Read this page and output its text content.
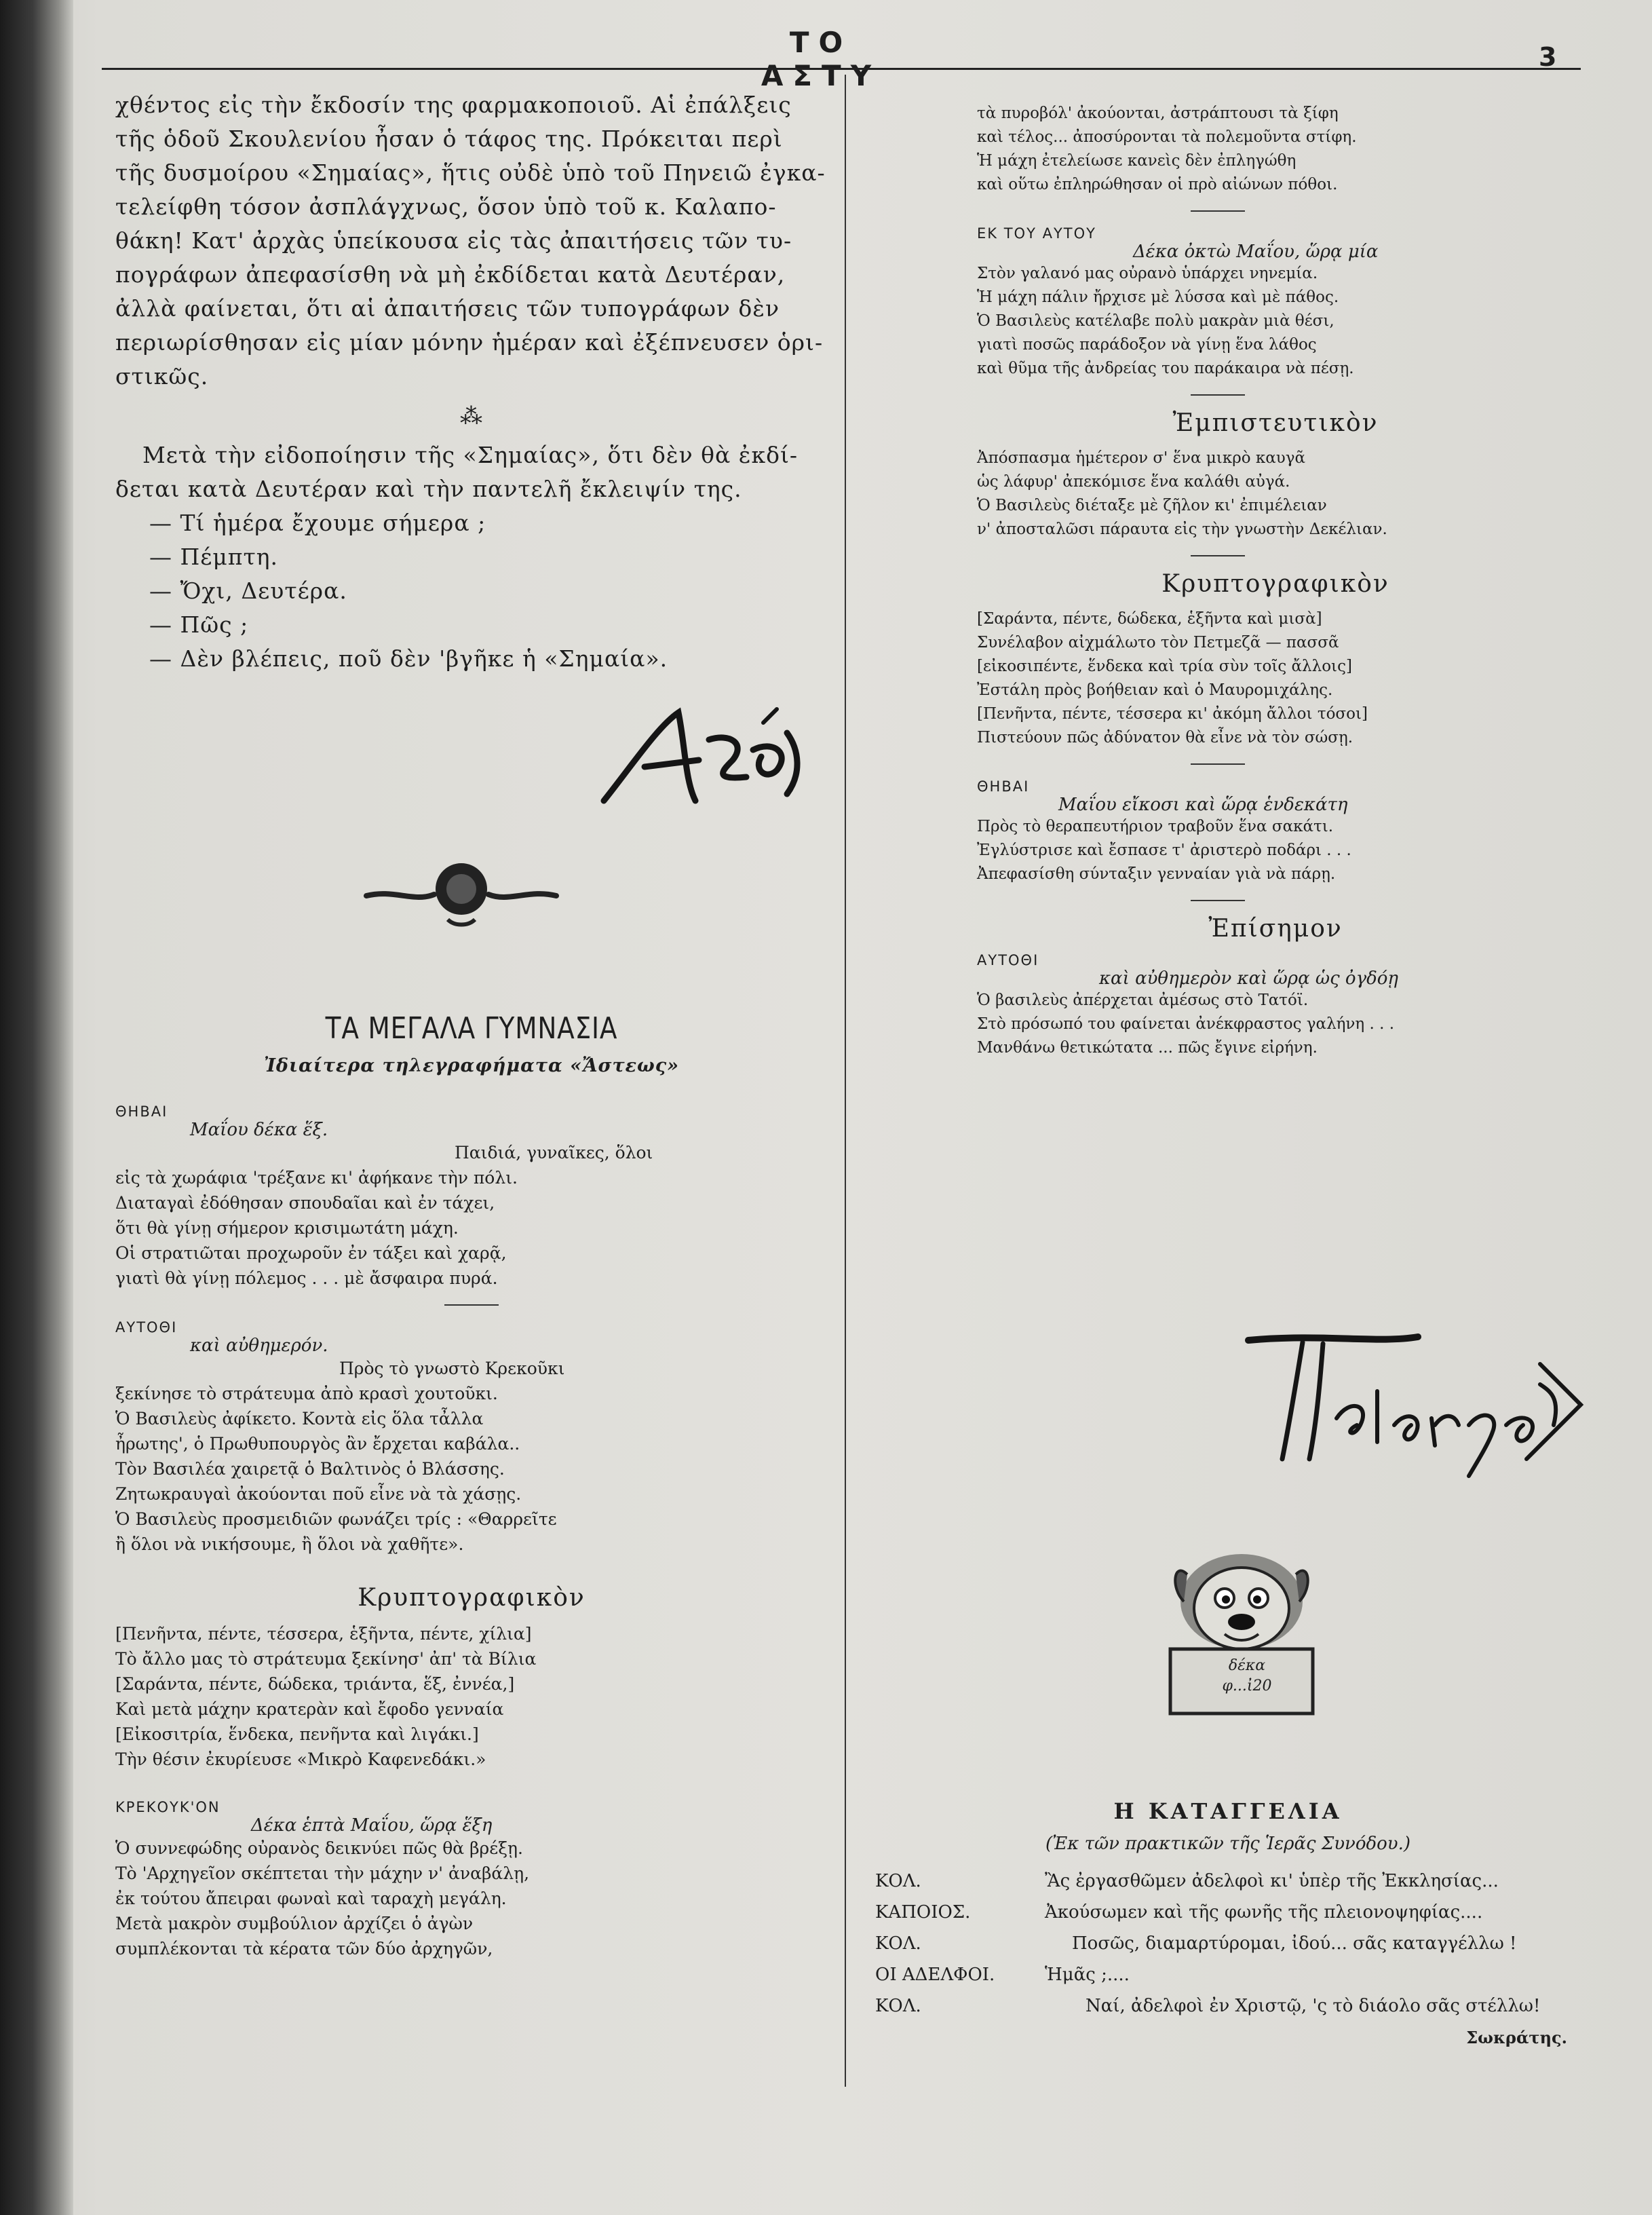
ΤΟ ΑΣΤΥ
3

χθέντος εἰς τὴν ἔκδοσίν της φαρμακοποιοῦ. Αἱ ἐπάλξεις

τῆς ὁδοῦ Σκουλενίου ἦσαν ὁ τάφος της. Πρόκειται περὶ

τῆς δυσμοίρου «Σημαίας», ἥτις οὐδὲ ὑπὸ τοῦ Πηνειῶ ἐγκα-

τελείφθη τόσον ἀσπλάγχνως, ὅσον ὑπὸ τοῦ κ. Καλαπο-

θάκη! Κατ' ἀρχὰς ὑπείκουσα εἰς τὰς ἀπαιτήσεις τῶν τυ-

πογράφων ἀπεφασίσθη νὰ μὴ ἐκδίδεται κατὰ Δευτέραν,

ἀλλὰ φαίνεται, ὅτι αἱ ἀπαιτήσεις τῶν τυπογράφων δὲν

περιωρίσθησαν εἰς μίαν μόνην ἡμέραν καὶ ἐξέπνευσεν ὁρι-

στικῶς.

⁂

Μετὰ τὴν εἰδοποίησιν τῆς «Σημαίας», ὅτι δὲν θὰ ἐκδί-

δεται κατὰ Δευτέραν καὶ τὴν παντελῆ ἔκλειψίν της.

— Τί ἡμέρα ἔχουμε σήμερα ;

— Πέμπτη.

— Ὄχι, Δευτέρα.

— Πῶς ;

— Δὲν βλέπεις, ποῦ δὲν 'βγῆκε ἡ «Σημαία».

ΤΑ ΜΕΓΑΛΑ ΓΥΜΝΑΣΙΑ

Ἰδιαίτερα τηλεγραφήματα «Ἄστεως»

ΘΗΒΑΙ

Μαΐου δέκα ἕξ.

Παιδιά, γυναῖκες, ὅλοι

εἰς τὰ χωράφια 'τρέξανε κι' ἀφήκανε τὴν πόλι.

Διαταγαὶ ἐδόθησαν σπουδαῖαι καὶ ἐν τάχει,

ὅτι θὰ γίνῃ σήμερον κρισιμωτάτη μάχη.

Οἱ στρατιῶται προχωροῦν ἐν τάξει καὶ χαρᾷ,

γιατὶ θὰ γίνῃ πόλεμος . . . μὲ ἄσφαιρα πυρά.

ΑΥΤΟΘΙ

καὶ αὐθημερόν.

Πρὸς τὸ γνωστὸ Κρεκοῦκι

ξεκίνησε τὸ στράτευμα ἀπὸ κρασὶ χουτοῦκι.

Ὁ Βασιλεὺς ἀφίκετο. Κοντὰ εἰς ὅλα τἆλλα

ἦρωτης', ὁ Πρωθυπουργὸς ἂν ἔρχεται καβάλα..

Τὸν Βασιλέα χαιρετᾷ ὁ Βαλτινὸς ὁ Βλάσσης.

Ζητωκραυγαὶ ἀκούονται ποῦ εἶνε νὰ τὰ χάσῃς.

Ὁ Βασιλεὺς προσμειδιῶν φωνάζει τρίς : «Θαρρεῖτε

ἢ ὅλοι νὰ νικήσουμε, ἢ ὅλοι νὰ χαθῆτε».

Κρυπτογραφικὸν

[Πενῆντα, πέντε, τέσσερα, ἑξῆντα, πέντε, χίλια]

Τὸ ἄλλο μας τὸ στράτευμα ξεκίνησ' ἀπ' τὰ Βίλια

[Σαράντα, πέντε, δώδεκα, τριάντα, ἕξ, ἐννέα,]

Καὶ μετὰ μάχην κρατερὰν καὶ ἔφοδο γενναία

[Εἰκοσιτρία, ἕνδεκα, πενῆντα καὶ λιγάκι.]

Τὴν θέσιν ἐκυρίευσε «Μικρὸ Καφενεδάκι.»

ΚΡΕΚΟΥΚ'ΟΝ

Δέκα ἑπτὰ Μαΐου, ὥρᾳ ἕξη

Ὁ συννεφώδης οὐρανὸς δεικνύει πῶς θὰ βρέξῃ.

Τὸ 'Αρχηγεῖον σκέπτεται τὴν μάχην ν' ἀναβάλῃ,

ἐκ τούτου ἄπειραι φωναὶ καὶ ταραχὴ μεγάλη.

Μετὰ μακρὸν συμβούλιον ἀρχίζει ὁ ἀγὼν

συμπλέκονται τὰ κέρατα τῶν δύο ἀρχηγῶν,

τὰ πυροβόλ' ἀκούονται, ἀστράπτουσι τὰ ξίφη

καὶ τέλος... ἀποσύρονται τὰ πολεμοῦντα στίφη.

Ἡ μάχη ἐτελείωσε κανεὶς δὲν ἐπληγώθη

καὶ οὕτω ἐπληρώθησαν οἱ πρὸ αἰώνων πόθοι.

ΕΚ ΤΟΥ ΑΥΤΟΥ

Δέκα ὀκτὼ Μαΐου, ὥρᾳ μία

Στὸν γαλανό μας οὐρανὸ ὑπάρχει νηνεμία.

Ἡ μάχη πάλιν ἤρχισε μὲ λύσσα καὶ μὲ πάθος.

Ὁ Βασιλεὺς κατέλαβε πολὺ μακρὰν μιὰ θέσι,

γιατὶ ποσῶς παράδοξον νὰ γίνῃ ἕνα λάθος

καὶ θῦμα τῆς ἀνδρείας του παράκαιρα νὰ πέσῃ.

Ἐμπιστευτικὸν

Ἀπόσπασμα ἡμέτερον σ' ἕνα μικρὸ καυγᾶ

ὡς λάφυρ' ἀπεκόμισε ἕνα καλάθι αὐγά.

Ὁ Βασιλεὺς διέταξε μὲ ζῆλον κι' ἐπιμέλειαν

ν' ἀποσταλῶσι πάραυτα εἰς τὴν γνωστὴν Δεκέλιαν.

Κρυπτογραφικὸν

[Σαράντα, πέντε, δώδεκα, ἑξῆντα καὶ μισὰ]

Συνέλαβον αἰχμάλωτο τὸν Πετμεζᾶ — πασσᾶ

[εἰκοσιπέντε, ἕνδεκα καὶ τρία σὺν τοῖς ἄλλοις]

Ἐστάλη πρὸς βοήθειαν καὶ ὁ Μαυρομιχάλης.

[Πενῆντα, πέντε, τέσσερα κι' ἀκόμη ἄλλοι τόσοι]

Πιστεύουν πῶς ἀδύνατον θὰ εἶνε νὰ τὸν σώσῃ.

ΘΗΒΑΙ

Μαΐου εἴκοσι καὶ ὥρᾳ ἑνδεκάτη

Πρὸς τὸ θεραπευτήριον τραβοῦν ἕνα σακάτι.

Ἐγλύστρισε καὶ ἔσπασε τ' ἀριστερὸ ποδάρι . . .

Ἀπεφασίσθη σύνταξιν γενναίαν γιὰ νὰ πάρῃ.

Ἐπίσημον

ΑΥΤΟΘΙ

καὶ αὐθημερὸν καὶ ὥρᾳ ὡς ὀγδόῃ

Ὁ βασιλεὺς ἀπέρχεται ἀμέσως στὸ Τατόϊ.

Στὸ πρόσωπό του φαίνεται ἀνέκφραστος γαλήνη . . .

Μανθάνω θετικώτατα ... πῶς ἔγινε εἰρήνη.

δέκα
φ...ἰ20

Η ΚΑΤΑΓΓΕΛΙΑ

(Ἐκ τῶν πρακτικῶν τῆς Ἱερᾶς Συνόδου.)

ΚΟΛ.	Ἂς ἐργασθῶμεν ἀδελφοὶ κι' ὑπὲρ τῆς Ἐκκλησίας...
ΚΑΠΟΙΟΣ.	Ἀκούσωμεν καὶ τῆς φωνῆς τῆς πλειονοψηφίας....
ΚΟΛ.	Ποσῶς, διαμαρτύρομαι, ἰδού... σᾶς καταγγέλλω !
ΟΙ ΑΔΕΛΦΟΙ.	Ἡμᾶς ;....
ΚΟΛ.	Ναί, ἀδελφοὶ ἐν Χριστῷ, 'ς τὸ διάολο σᾶς στέλλω!

Σωκράτης.
